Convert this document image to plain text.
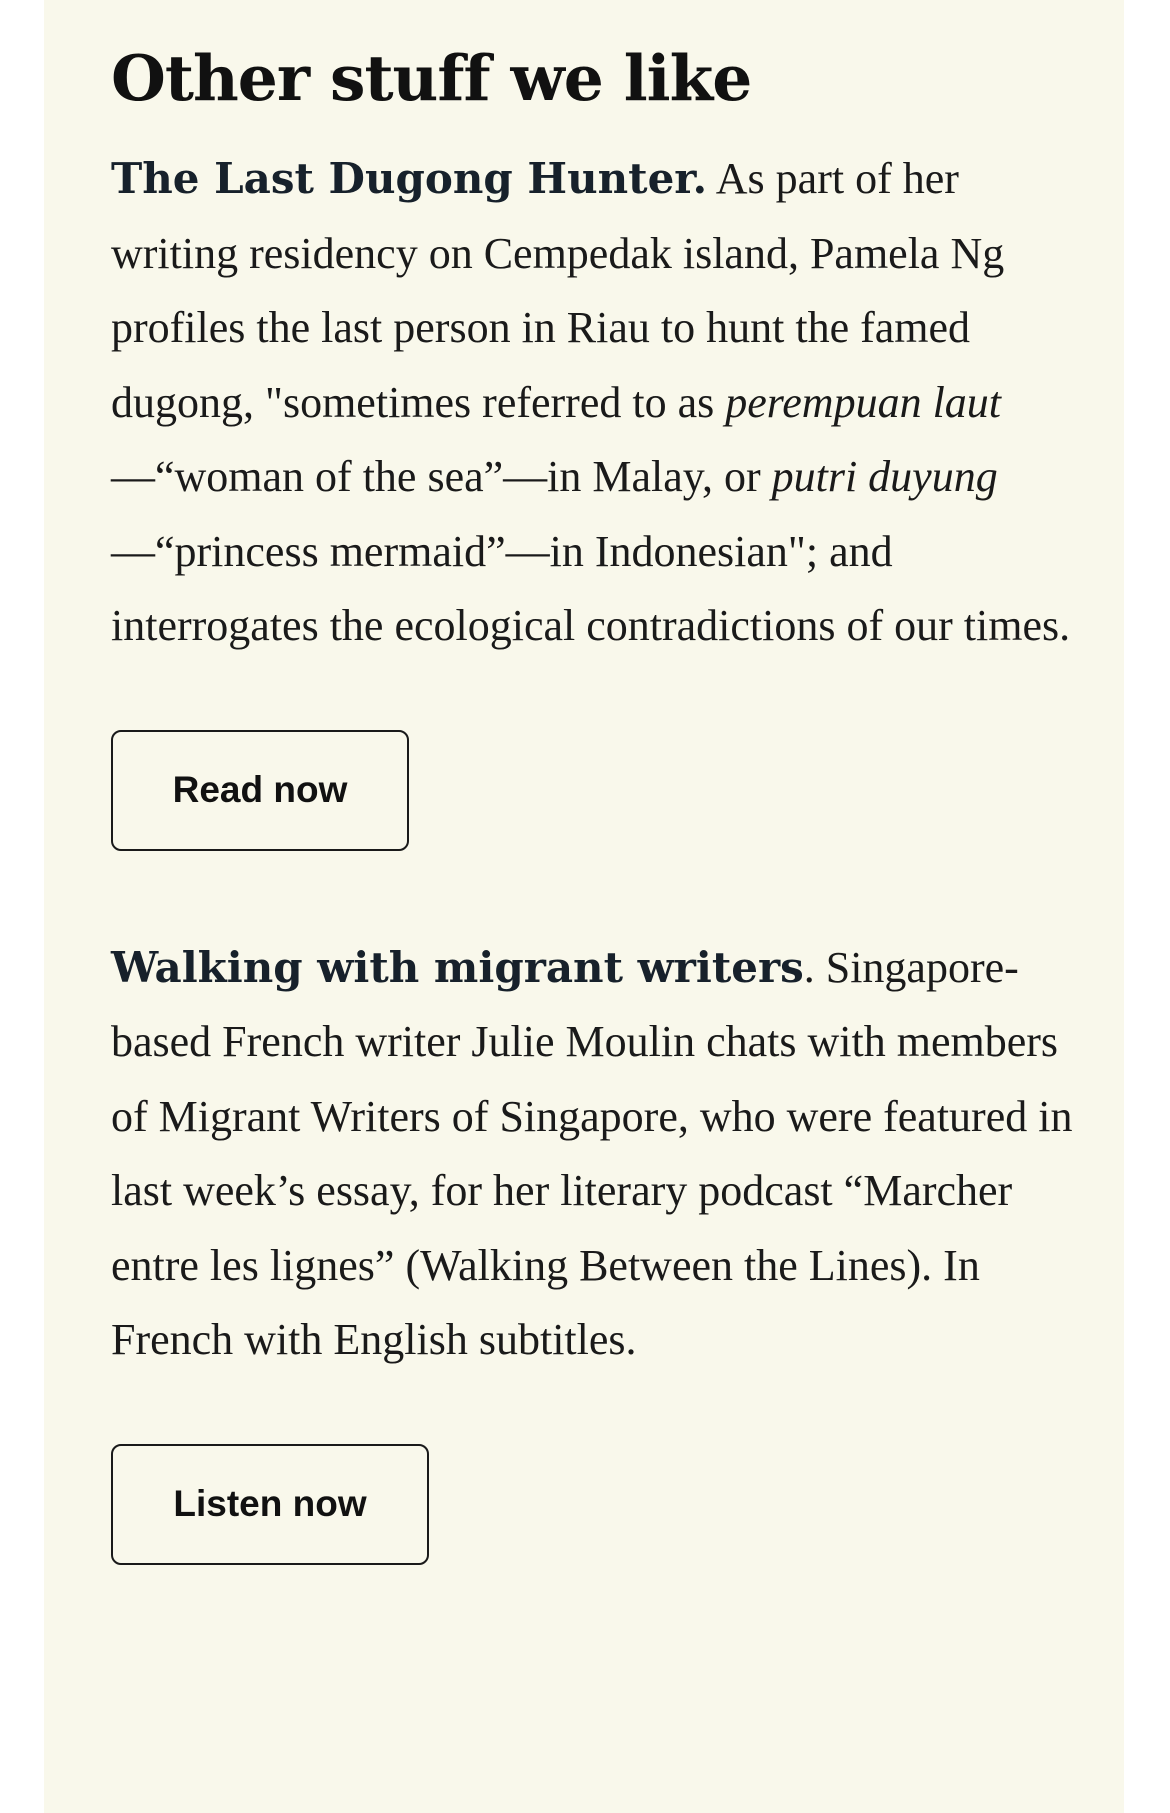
Other stuff we like

The Last Dugong Hunter. As part of her writing residency on Cempedak island, Pamela Ng profiles the last person in Riau to hunt the famed dugong, "sometimes referred to as perempuan laut—“woman of the sea”—in Malay, or putri duyung—“princess mermaid”—in Indonesian"; and interrogates the ecological contradictions of our times.

Read now

Walking with migrant writers. Singapore-based French writer Julie Moulin chats with members of Migrant Writers of Singapore, who were featured in last week’s essay, for her literary podcast “Marcher entre les lignes” (Walking Between the Lines). In French with English subtitles.

Listen now
